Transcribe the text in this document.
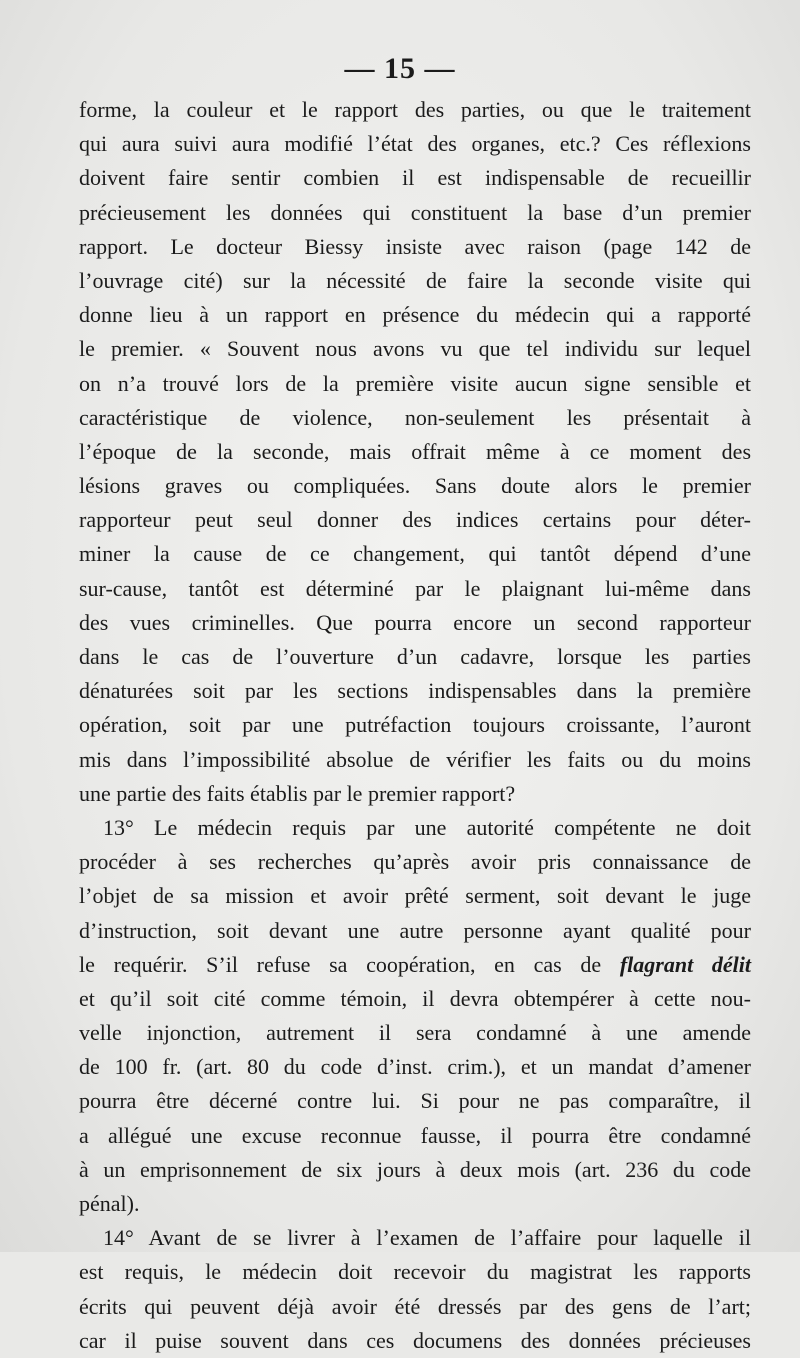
— 15 —
forme, la couleur et le rapport des parties, ou que le traitement
qui aura suivi aura modifié l’état des organes, etc.? Ces réflexions
doivent faire sentir combien il est indispensable de recueillir
précieusement les données qui constituent la base d’un premier
rapport. Le docteur Biessy insiste avec raison (page 142 de
l’ouvrage cité) sur la nécessité de faire la seconde visite qui
donne lieu à un rapport en présence du médecin qui a rapporté
le premier. « Souvent nous avons vu que tel individu sur lequel
on n’a trouvé lors de la première visite aucun signe sensible et
caractéristique de violence, non-seulement les présentait à
l’époque de la seconde, mais offrait même à ce moment des
lésions graves ou compliquées. Sans doute alors le premier
rapporteur peut seul donner des indices certains pour déter-
miner la cause de ce changement, qui tantôt dépend d’une
sur-cause, tantôt est déterminé par le plaignant lui-même dans
des vues criminelles. Que pourra encore un second rapporteur
dans le cas de l’ouverture d’un cadavre, lorsque les parties
dénaturées soit par les sections indispensables dans la première
opération, soit par une putréfaction toujours croissante, l’auront
mis dans l’impossibilité absolue de vérifier les faits ou du moins
une partie des faits établis par le premier rapport?
13° Le médecin requis par une autorité compétente ne doit
procéder à ses recherches qu’après avoir pris connaissance de
l’objet de sa mission et avoir prêté serment, soit devant le juge
d’instruction, soit devant une autre personne ayant qualité pour
le requérir. S’il refuse sa coopération, en cas de flagrant délit
et qu’il soit cité comme témoin, il devra obtempérer à cette nou-
velle injonction, autrement il sera condamné à une amende
de 100 fr. (art. 80 du code d’inst. crim.), et un mandat d’amener
pourra être décerné contre lui. Si pour ne pas comparaître, il
a allégué une excuse reconnue fausse, il pourra être condamné
à un emprisonnement de six jours à deux mois (art. 236 du code
pénal).
14° Avant de se livrer à l’examen de l’affaire pour laquelle il
est requis, le médecin doit recevoir du magistrat les rapports
écrits qui peuvent déjà avoir été dressés par des gens de l’art;
car il puise souvent dans ces documens des données précieuses
